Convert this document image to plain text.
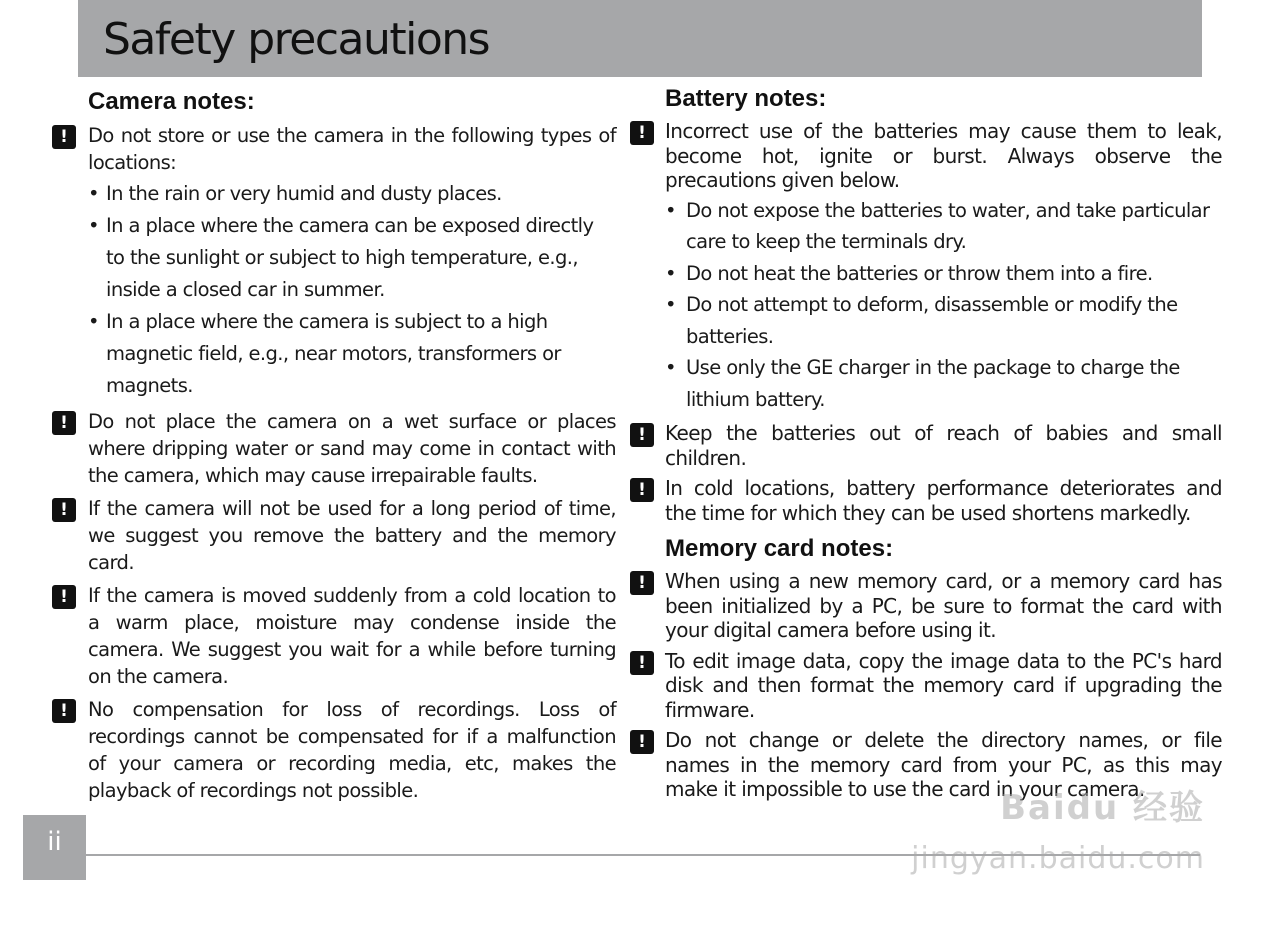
Safety precautions
Camera notes:
!	Do not store or use the camera in the following types of locations:
• In the rain or very humid and dusty places.
• In a place where the camera can be exposed directly to the sunlight or subject to high temperature, e.g., inside a closed car in summer.
• In a place where the camera is subject to a high magnetic field, e.g., near motors, transformers or magnets.
!	Do not place the camera on a wet surface or places where dripping water or sand may come in contact with the camera, which may cause irrepairable faults.
!	If the camera will not be used for a long period of time, we suggest you remove the battery and the memory card.
!	If the camera is moved suddenly from a cold location to a warm place, moisture may condense inside the camera. We suggest you wait for a while before turning on the camera.
!	No compensation for loss of recordings. Loss of recordings cannot be compensated for if a malfunction of your camera or recording media, etc, makes the playback of recordings not possible.
Battery notes:
! Incorrect use of the batteries may cause them to leak, become hot, ignite or burst. Always observe the precautions given below.
• Do not expose the batteries to water, and take particular care to keep the terminals dry.
• Do not heat the batteries or throw them into a fire.
• Do not attempt to deform, disassemble or modify the batteries.
• Use only the GE charger in the package to charge the lithium battery.
! Keep the batteries out of reach of babies and small children.
! In cold locations, battery performance deteriorates and the time for which they can be used shortens markedly.
Memory card notes:
! When using a new memory card, or a memory card has been initialized by a PC, be sure to format the card with your digital camera before using it.
! To edit image data, copy the image data to the PC's hard disk and then format the memory card if upgrading the firmware.
! Do not change or delete the directory names, or file names in the memory card from your PC, as this may make it impossible to use the card in your camera.
ii
Baidu 经验
jingyan.baidu.com
